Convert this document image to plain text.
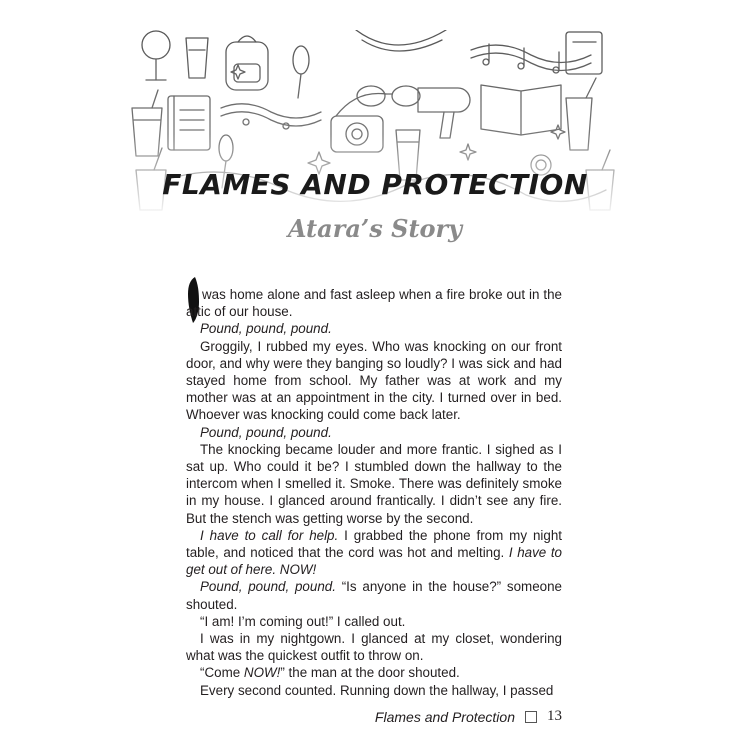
FLAMES AND PROTECTION
Atara’s Story

was home alone and fast asleep when a fire broke out in the attic of our house.

Pound, pound, pound.

Groggily, I rubbed my eyes. Who was knocking on our front door, and why were they banging so loudly? I was sick and had stayed home from school. My father was at work and my mother was at an appointment in the city. I turned over in bed. Whoever was knocking could come back later.

Pound, pound, pound.

The knocking became louder and more frantic. I sighed as I sat up. Who could it be? I stumbled down the hallway to the intercom when I smelled it. Smoke. There was definitely smoke in my house. I glanced around frantically. I didn’t see any fire. But the stench was getting worse by the second.

I have to call for help. I grabbed the phone from my night table, and noticed that the cord was hot and melting. I have to get out of here. NOW!

Pound, pound, pound. “Is anyone in the house?” someone shouted.

“I am! I’m coming out!” I called out.

I was in my nightgown. I glanced at my closet, wondering what was the quickest outfit to throw on.

“Come NOW!” the man at the door shouted.

Every second counted. Running down the hallway, I passed

Flames and Protection 13
